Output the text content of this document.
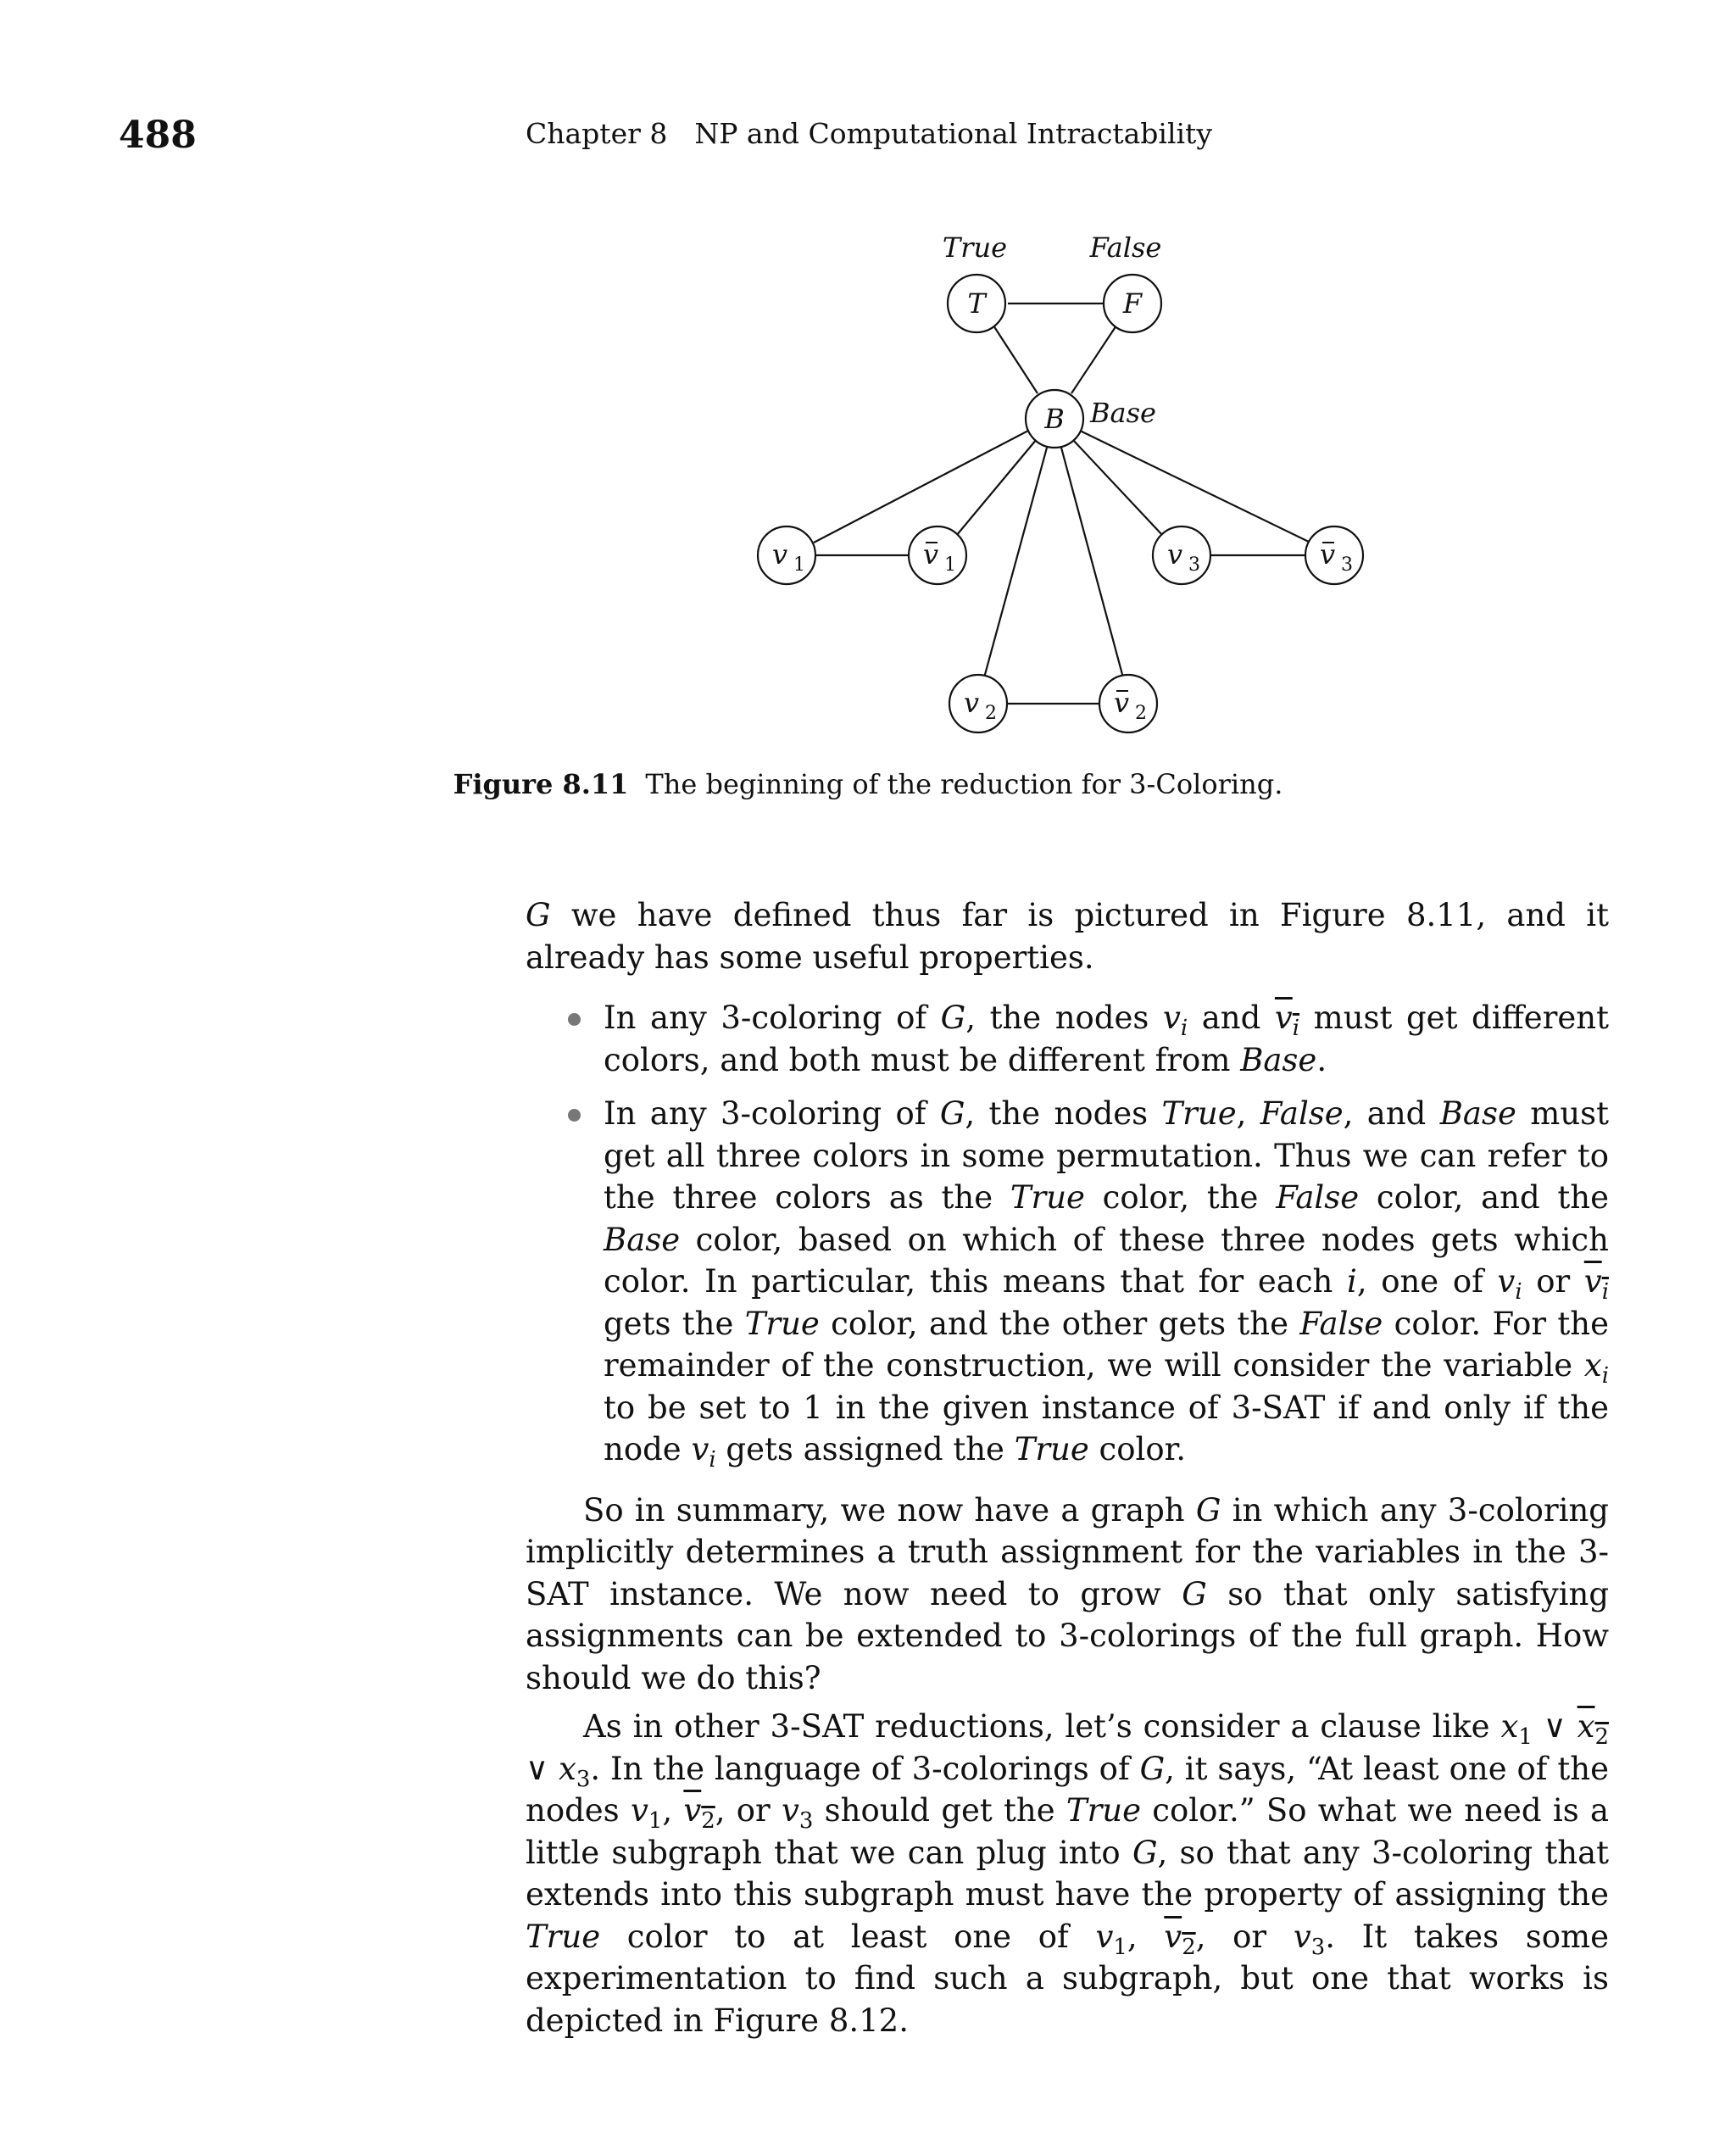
488	Chapter 8 NP and Computational Intractability
True	False
Base
T	F
B
v 1	v 1	v 3	v 3
v 2	v 2
Figure 8.11 The beginning of the reduction for 3-Coloring.

G we have defined thus far is pictured in Figure 8.11, and it already has some useful properties.

In any 3-coloring of G, the nodes $v_i$ and $v_i$ must get different colors, and both must be different from Base.
In any 3-coloring of G, the nodes True, False, and Base must get all three colors in some permutation. Thus we can refer to the three colors as the True color, the False color, and the Base color, based on which of these three nodes gets which color. In particular, this means that for each i, one of $v_i$ or $v_i$ gets the True color, and the other gets the False color. For the remainder of the construction, we will consider the variable $x_i$ to be set to 1 in the given instance of 3-SAT if and only if the node $v_i$ gets assigned the True color.

So in summary, we now have a graph G in which any 3-coloring implicitly determines a truth assignment for the variables in the 3-SAT instance. We now need to grow G so that only satisfying assignments can be extended to 3-colorings of the full graph. How should we do this?

As in other 3-SAT reductions, let’s consider a clause like $x_1$ ∨ $x_2$ ∨ $x_3$. In the language of 3-colorings of G, it says, “At least one of the nodes $v_1$, $v_2$, or $v_3$ should get the True color.” So what we need is a little subgraph that we can plug into G, so that any 3-coloring that extends into this subgraph must have the property of assigning the True color to at least one of $v_1$, $v_2$, or $v_3$. It takes some experimentation to find such a subgraph, but one that works is depicted in Figure 8.12.
